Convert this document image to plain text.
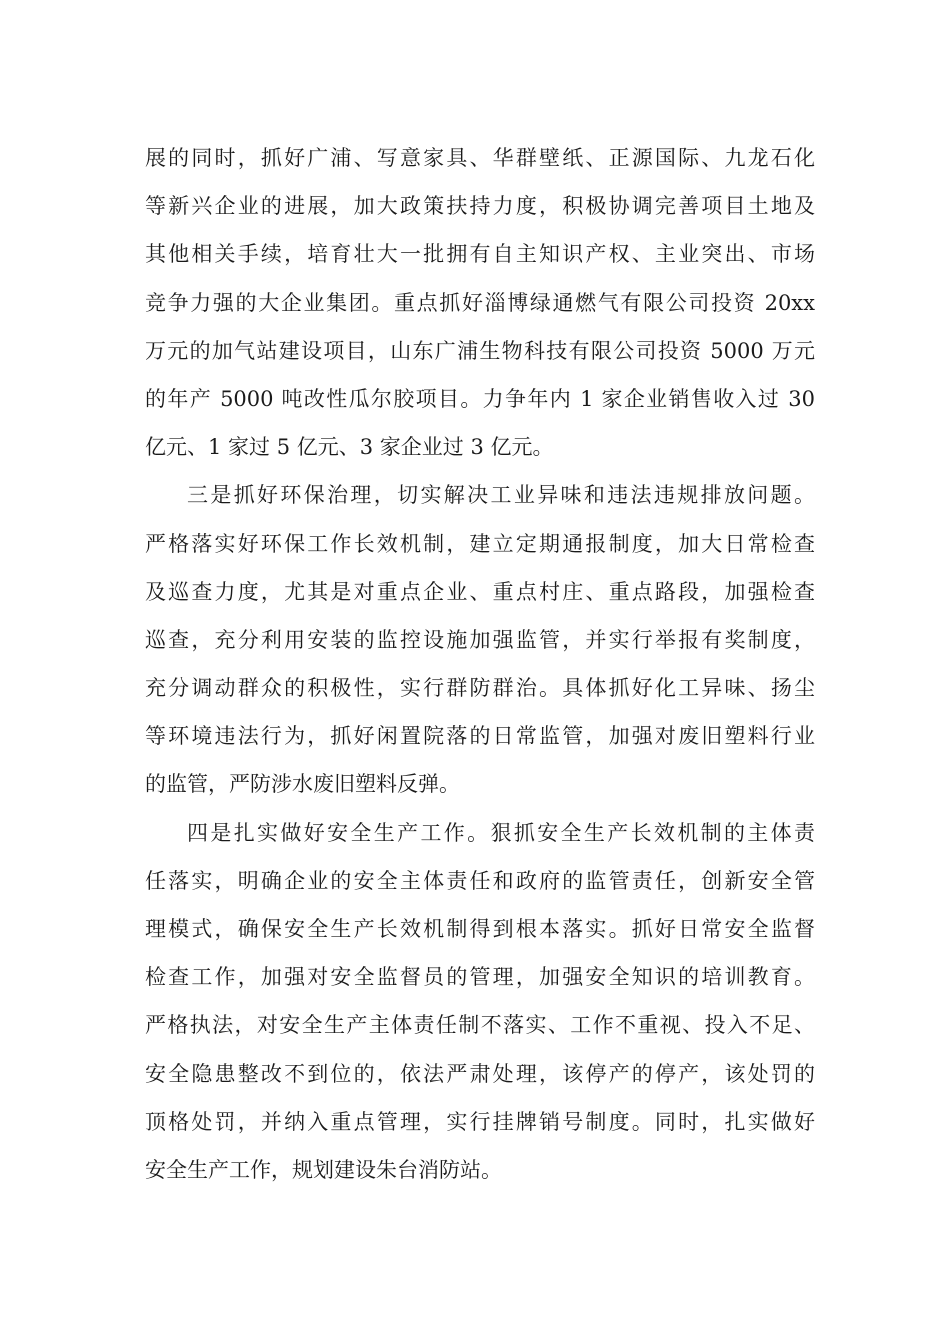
展的同时，抓好广浦、写意家具、华群壁纸、正源国际、九龙石化
等新兴企业的进展，加大政策扶持力度，积极协调完善项目土地及
其他相关手续，培育壮大一批拥有自主知识产权、主业突出、市场
竞争力强的大企业集团。重点抓好淄博绿通燃气有限公司投资 20xx
万元的加气站建设项目，山东广浦生物科技有限公司投资 5000 万元
的年产 5000 吨改性瓜尔胶项目。力争年内 1 家企业销售收入过 30
亿元、1 家过 5 亿元、3 家企业过 3 亿元。
三是抓好环保治理，切实解决工业异味和违法违规排放问题。
严格落实好环保工作长效机制，建立定期通报制度，加大日常检查
及巡查力度，尤其是对重点企业、重点村庄、重点路段，加强检查
巡查，充分利用安装的监控设施加强监管，并实行举报有奖制度，
充分调动群众的积极性，实行群防群治。具体抓好化工异味、扬尘
等环境违法行为，抓好闲置院落的日常监管，加强对废旧塑料行业
的监管，严防涉水废旧塑料反弹。
四是扎实做好安全生产工作。狠抓安全生产长效机制的主体责
任落实，明确企业的安全主体责任和政府的监管责任，创新安全管
理模式，确保安全生产长效机制得到根本落实。抓好日常安全监督
检查工作，加强对安全监督员的管理，加强安全知识的培训教育。
严格执法，对安全生产主体责任制不落实、工作不重视、投入不足、
安全隐患整改不到位的，依法严肃处理，该停产的停产，该处罚的
顶格处罚，并纳入重点管理，实行挂牌销号制度。同时，扎实做好
安全生产工作，规划建设朱台消防站。
